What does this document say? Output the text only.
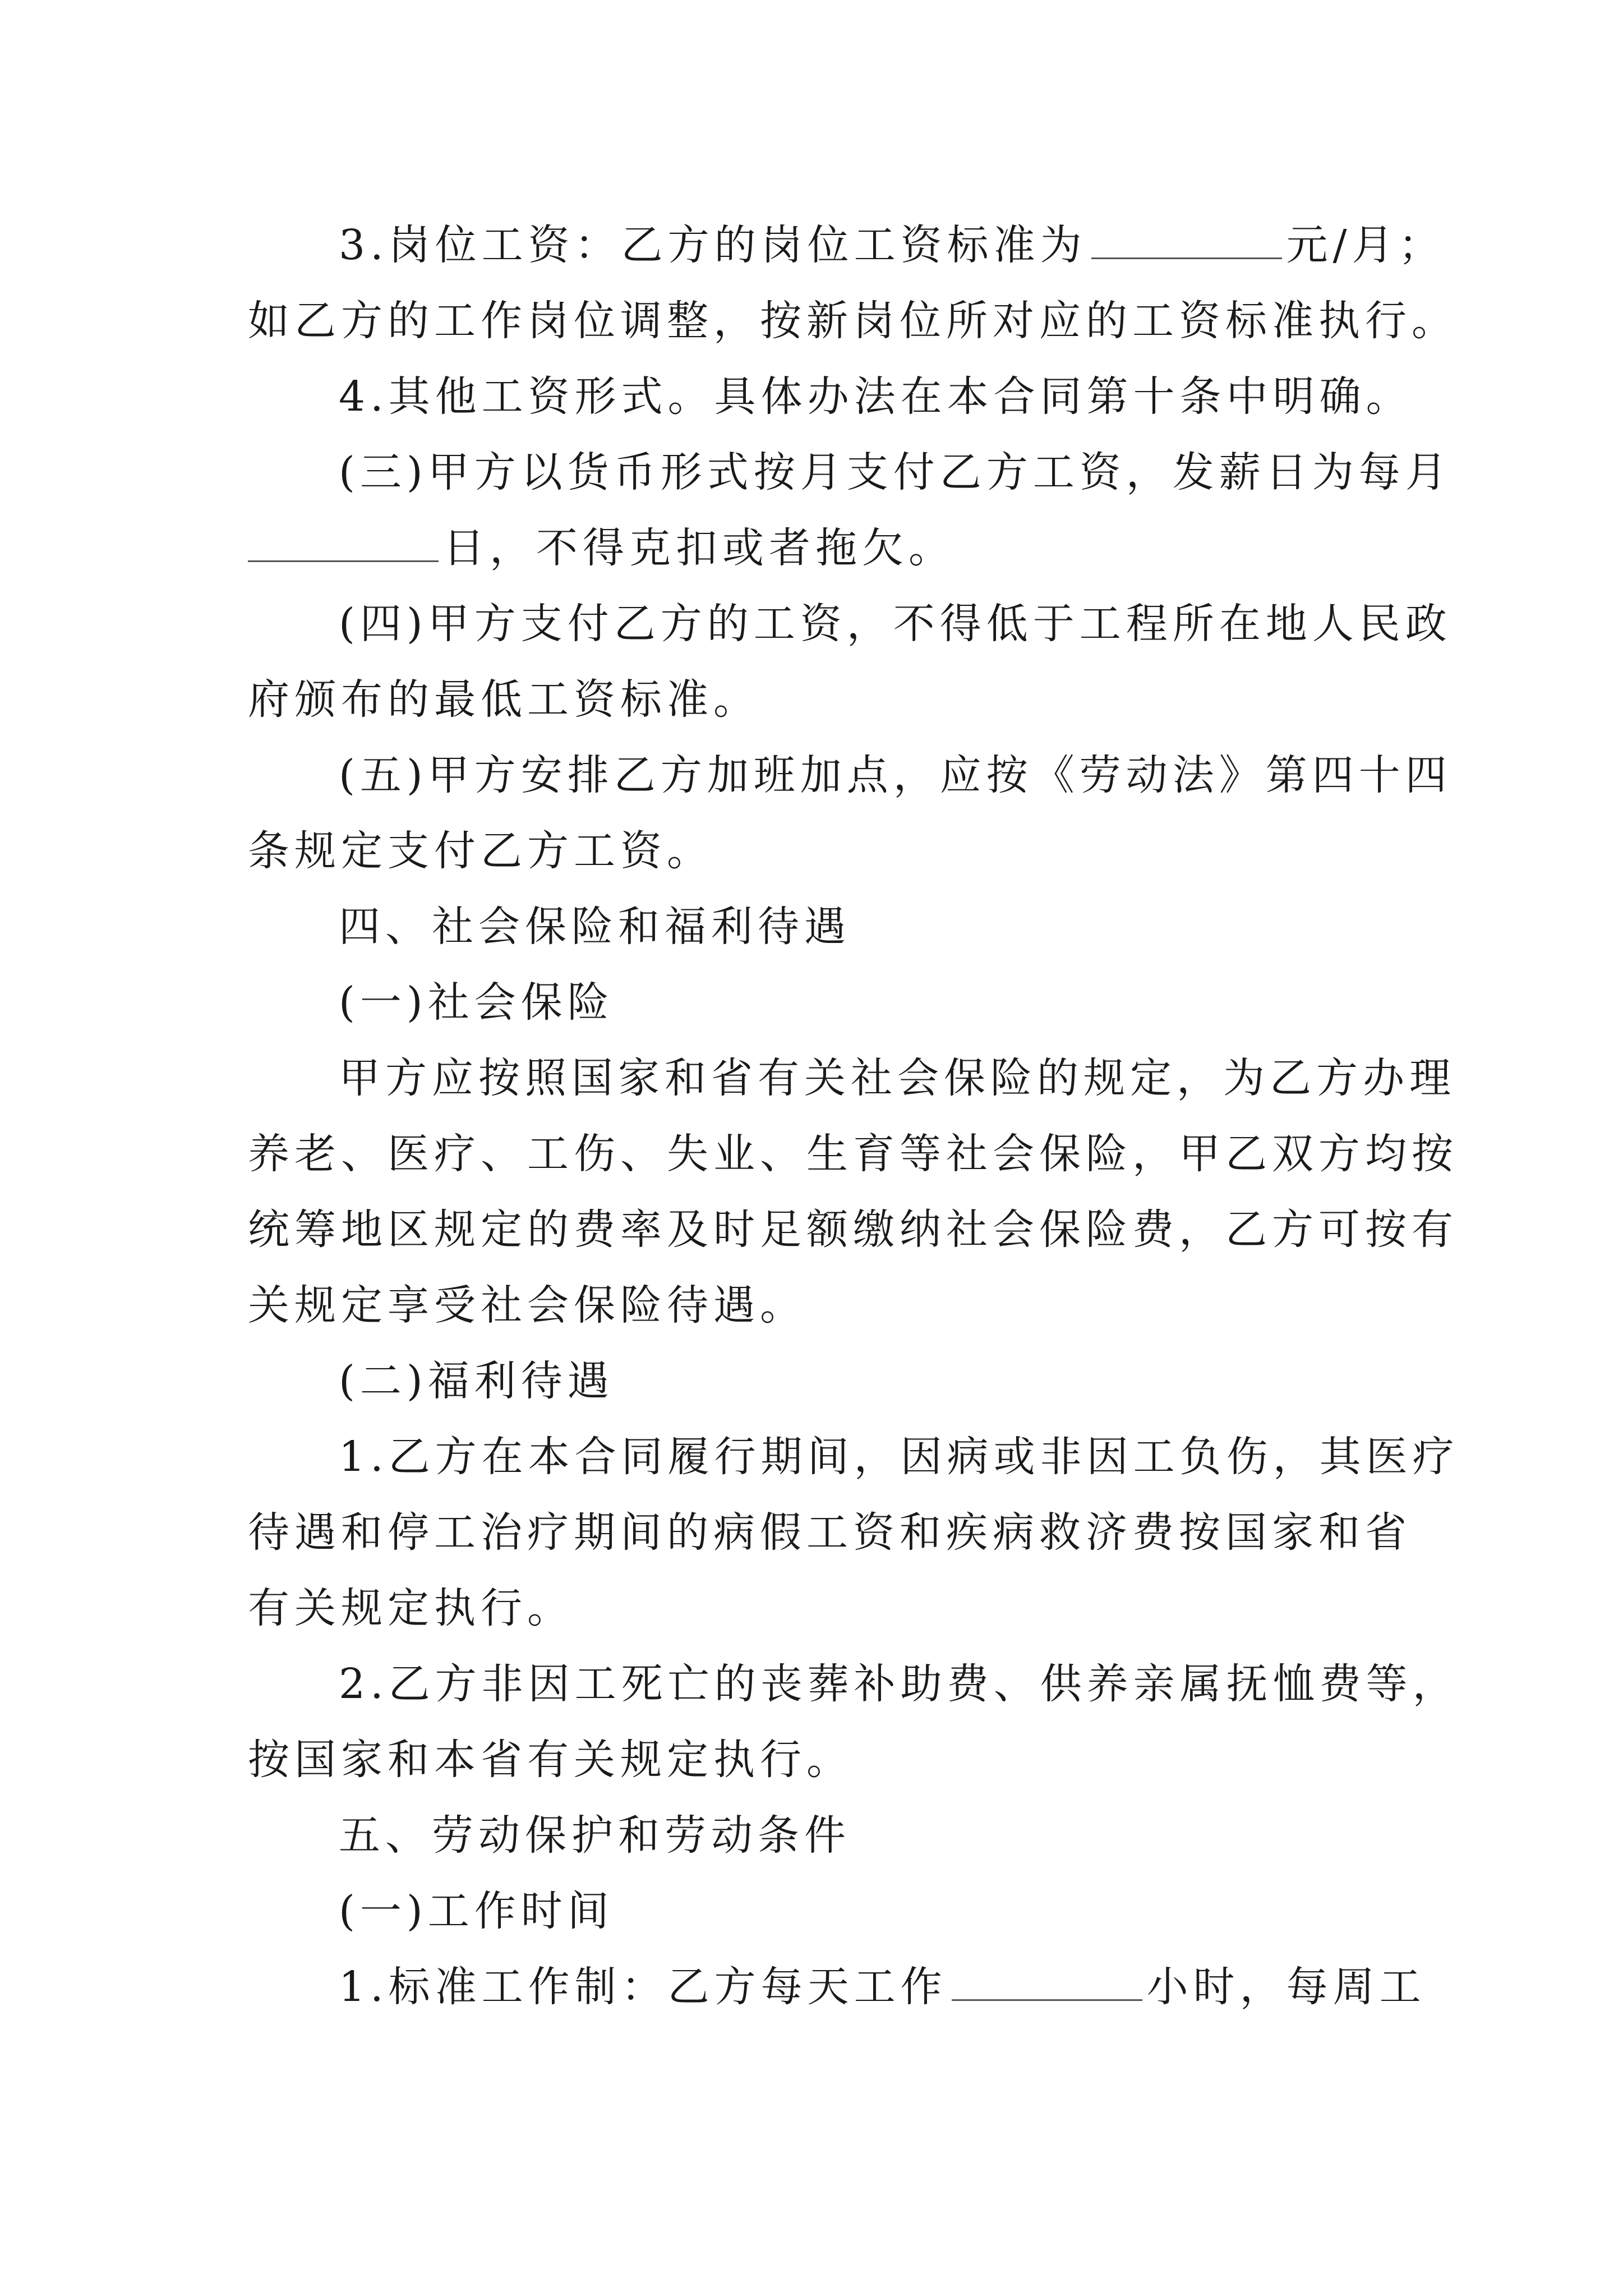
3.岗位工资：乙方的岗位工资标准为	元/月；
如乙方的工作岗位调整，按新岗位所对应的工资标准执行。
4.其他工资形式。具体办法在本合同第十条中明确。
(三)甲方以货币形式按月支付乙方工资，发薪日为每月
日，不得克扣或者拖欠。
(四)甲方支付乙方的工资，不得低于工程所在地人民政
府颁布的最低工资标准。
(五)甲方安排乙方加班加点，应按《劳动法》第四十四
条规定支付乙方工资。
四、社会保险和福利待遇
(一)社会保险
甲方应按照国家和省有关社会保险的规定，为乙方办理
养老、医疗、工伤、失业、生育等社会保险，甲乙双方均按
统筹地区规定的费率及时足额缴纳社会保险费，乙方可按有
关规定享受社会保险待遇。
(二)福利待遇
1.乙方在本合同履行期间，因病或非因工负伤，其医疗
待遇和停工治疗期间的病假工资和疾病救济费按国家和省
有关规定执行。
2.乙方非因工死亡的丧葬补助费、供养亲属抚恤费等，
按国家和本省有关规定执行。
五、劳动保护和劳动条件
(一)工作时间
1.标准工作制：乙方每天工作	小时，每周工
